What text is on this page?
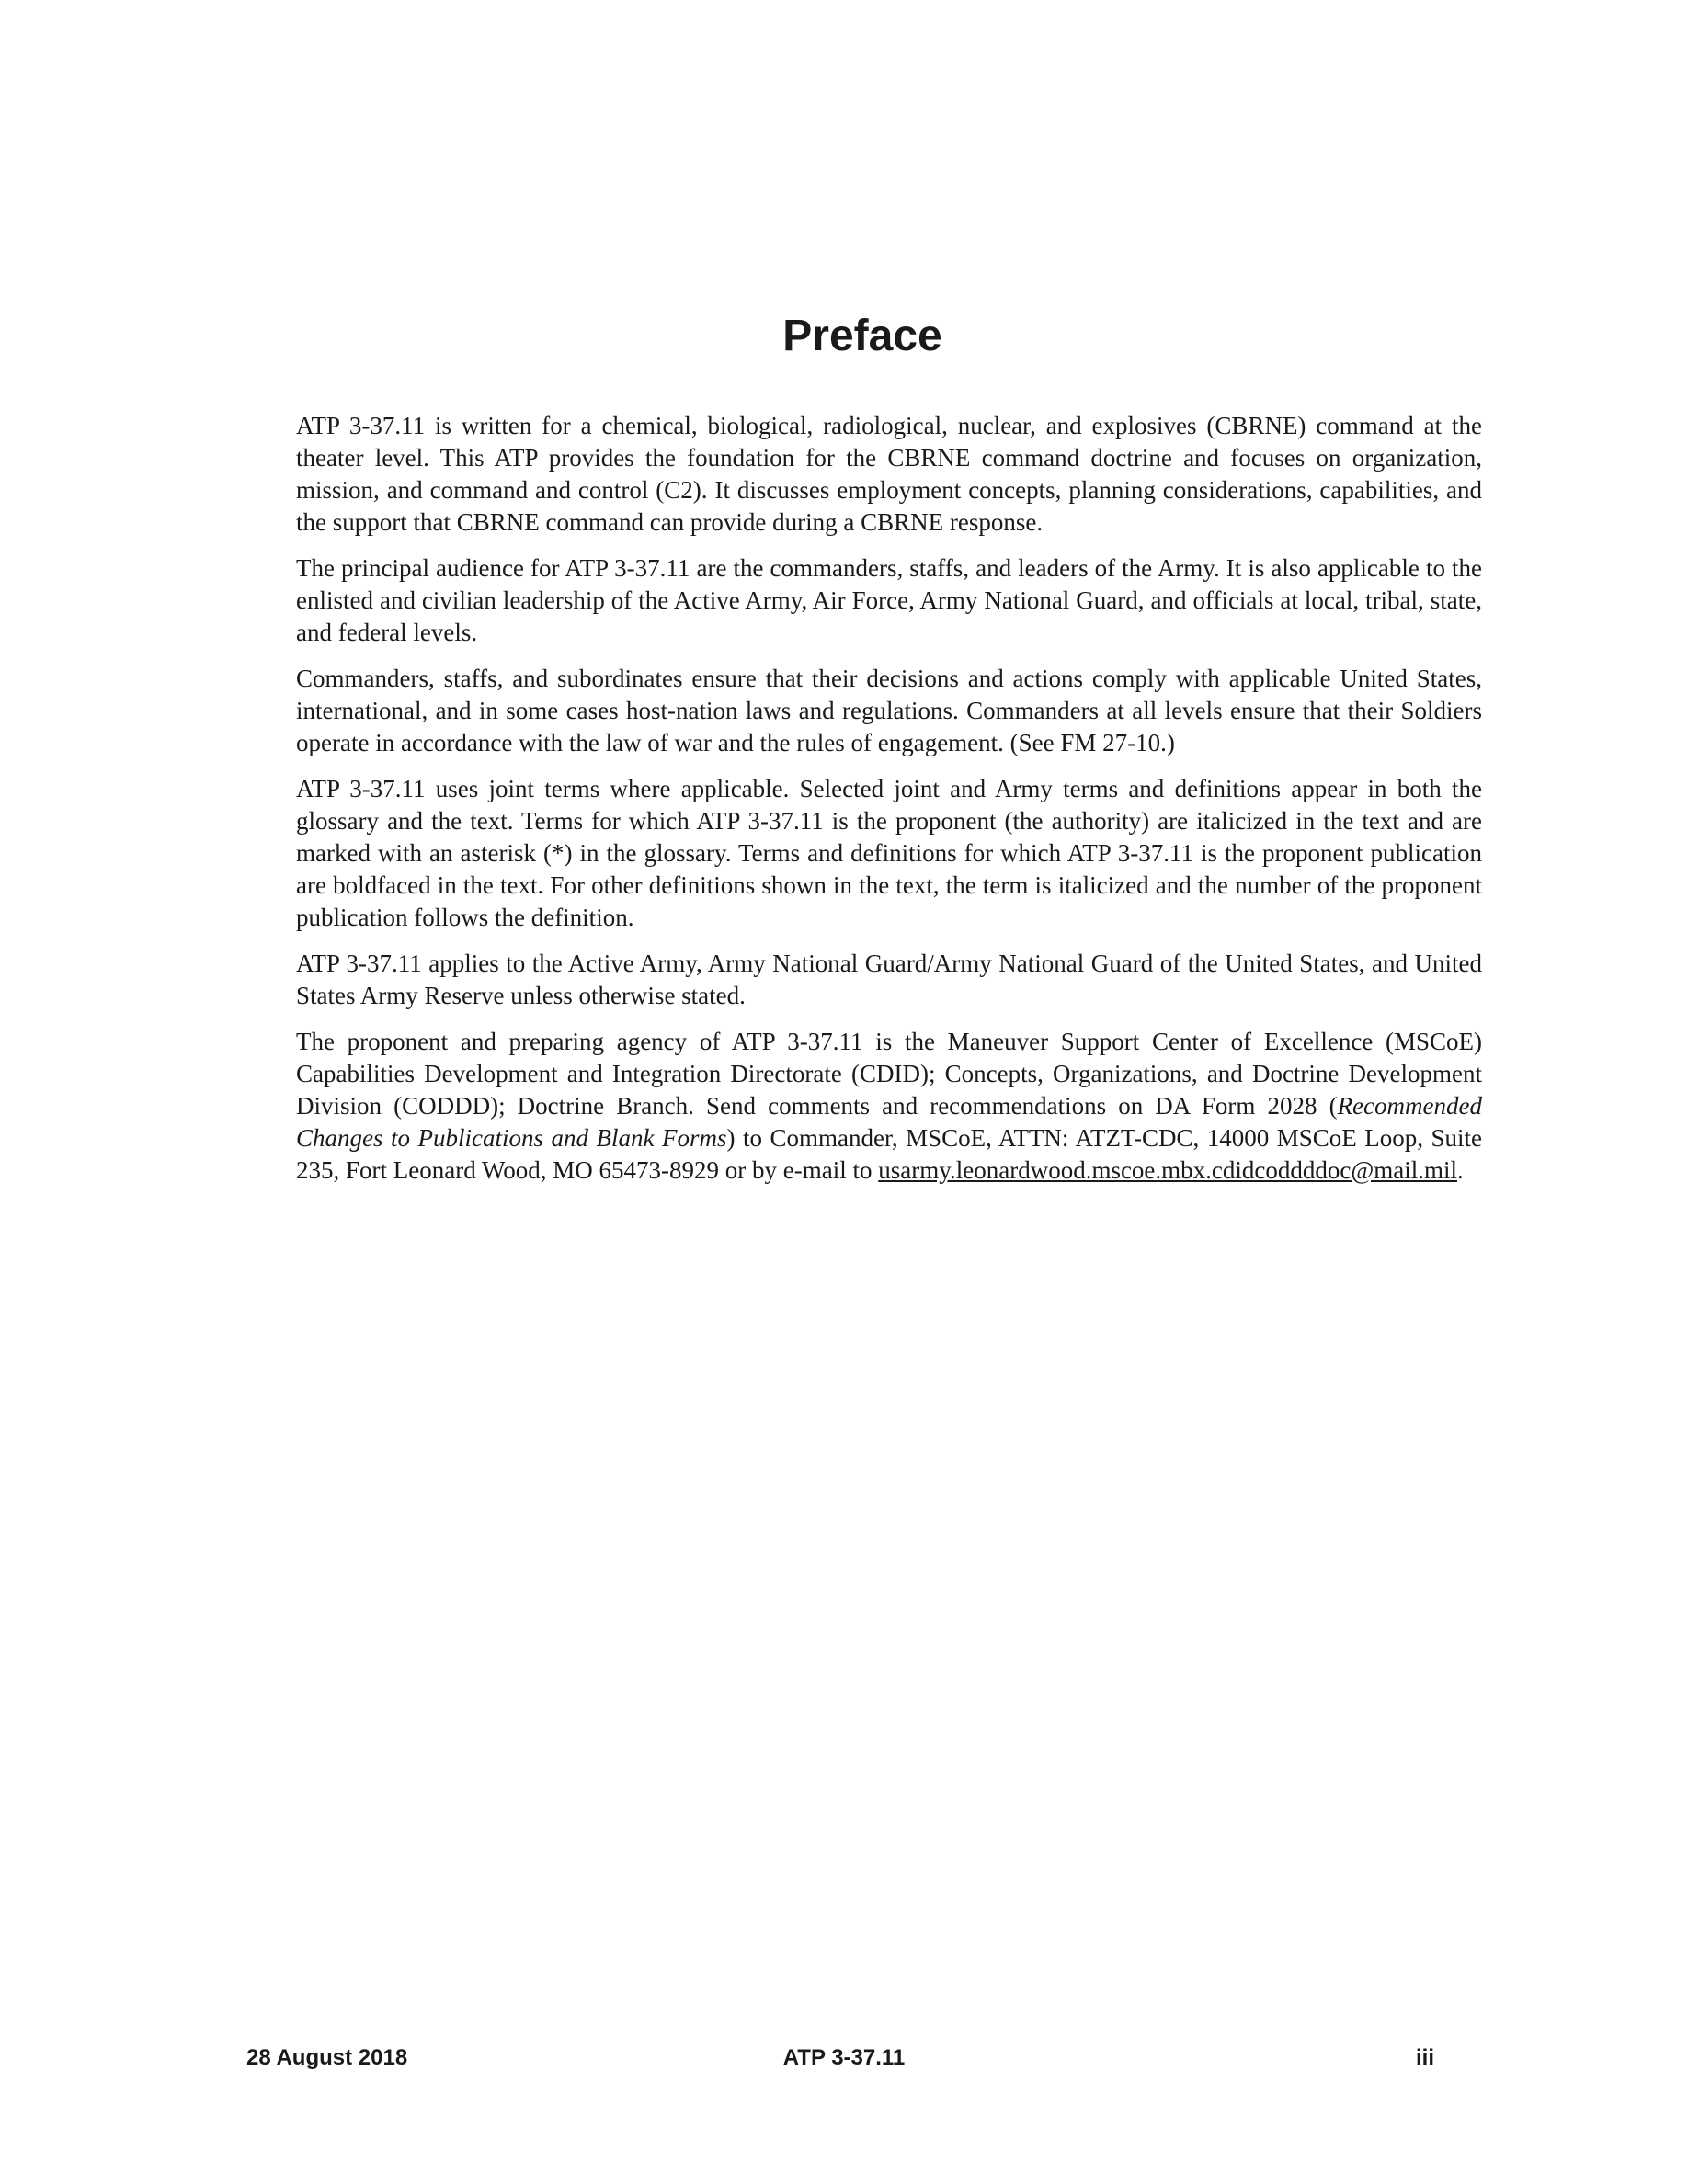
Preface

ATP 3-37.11 is written for a chemical, biological, radiological, nuclear, and explosives (CBRNE) command at the theater level. This ATP provides the foundation for the CBRNE command doctrine and focuses on organization, mission, and command and control (C2). It discusses employment concepts, planning considerations, capabilities, and the support that CBRNE command can provide during a CBRNE response.

The principal audience for ATP 3-37.11 are the commanders, staffs, and leaders of the Army. It is also applicable to the enlisted and civilian leadership of the Active Army, Air Force, Army National Guard, and officials at local, tribal, state, and federal levels.

Commanders, staffs, and subordinates ensure that their decisions and actions comply with applicable United States, international, and in some cases host-nation laws and regulations. Commanders at all levels ensure that their Soldiers operate in accordance with the law of war and the rules of engagement. (See FM 27-10.)

ATP 3-37.11 uses joint terms where applicable. Selected joint and Army terms and definitions appear in both the glossary and the text. Terms for which ATP 3-37.11 is the proponent (the authority) are italicized in the text and are marked with an asterisk (*) in the glossary. Terms and definitions for which ATP 3-37.11 is the proponent publication are boldfaced in the text. For other definitions shown in the text, the term is italicized and the number of the proponent publication follows the definition.

ATP 3-37.11 applies to the Active Army, Army National Guard/Army National Guard of the United States, and United States Army Reserve unless otherwise stated.

The proponent and preparing agency of ATP 3-37.11 is the Maneuver Support Center of Excellence (MSCoE) Capabilities Development and Integration Directorate (CDID); Concepts, Organizations, and Doctrine Development Division (CODDD); Doctrine Branch. Send comments and recommendations on DA Form 2028 (Recommended Changes to Publications and Blank Forms) to Commander, MSCoE, ATTN: ATZT-CDC, 14000 MSCoE Loop, Suite 235, Fort Leonard Wood, MO 65473-8929 or by e-mail to usarmy.leonardwood.mscoe.mbx.cdidcoddddoc@mail.mil.

28 August 2018	ATP 3-37.11	iii
